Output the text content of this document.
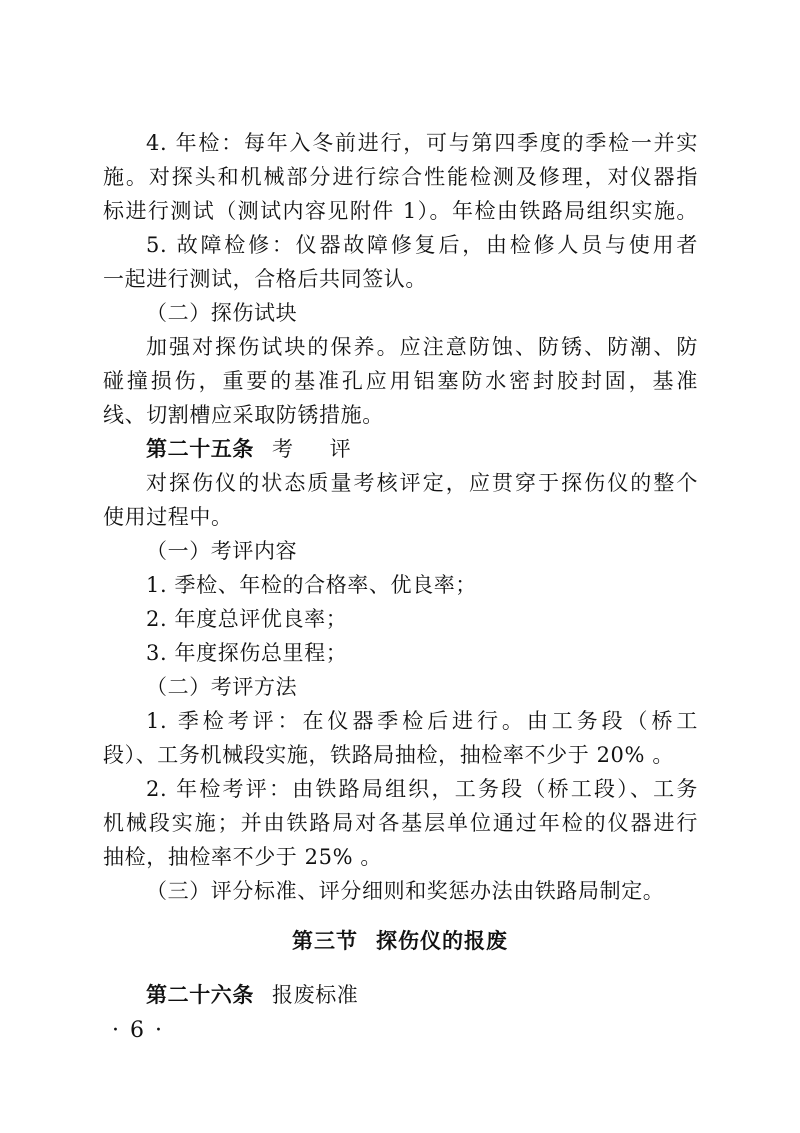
4. 年检：每年入冬前进行，可与第四季度的季检一并实
施。对探头和机械部分进行综合性能检测及修理，对仪器指
标进行测试（测试内容见附件 1）。年检由铁路局组织实施。
5. 故障检修：仪器故障修复后，由检修人员与使用者
一起进行测试，合格后共同签认。
（二）探伤试块
加强对探伤试块的保养。应注意防蚀、防锈、防潮、防
碰撞损伤，重要的基准孔应用铝塞防水密封胶封固，基准
线、切割槽应采取防锈措施。
第二十五条 考 评
对探伤仪的状态质量考核评定，应贯穿于探伤仪的整个
使用过程中。
（一）考评内容
1. 季检、年检的合格率、优良率；
2. 年度总评优良率；
3. 年度探伤总里程；
（二）考评方法
1. 季检考评：在仪器季检后进行。由工务段（桥工
段）、工务机械段实施，铁路局抽检，抽检率不少于 20% 。
2. 年检考评：由铁路局组织，工务段（桥工段）、工务
机械段实施；并由铁路局对各基层单位通过年检的仪器进行
抽检，抽检率不少于 25% 。
（三）评分标准、评分细则和奖惩办法由铁路局制定。
第三节 探伤仪的报废
第二十六条 报废标准
· 6 ·
